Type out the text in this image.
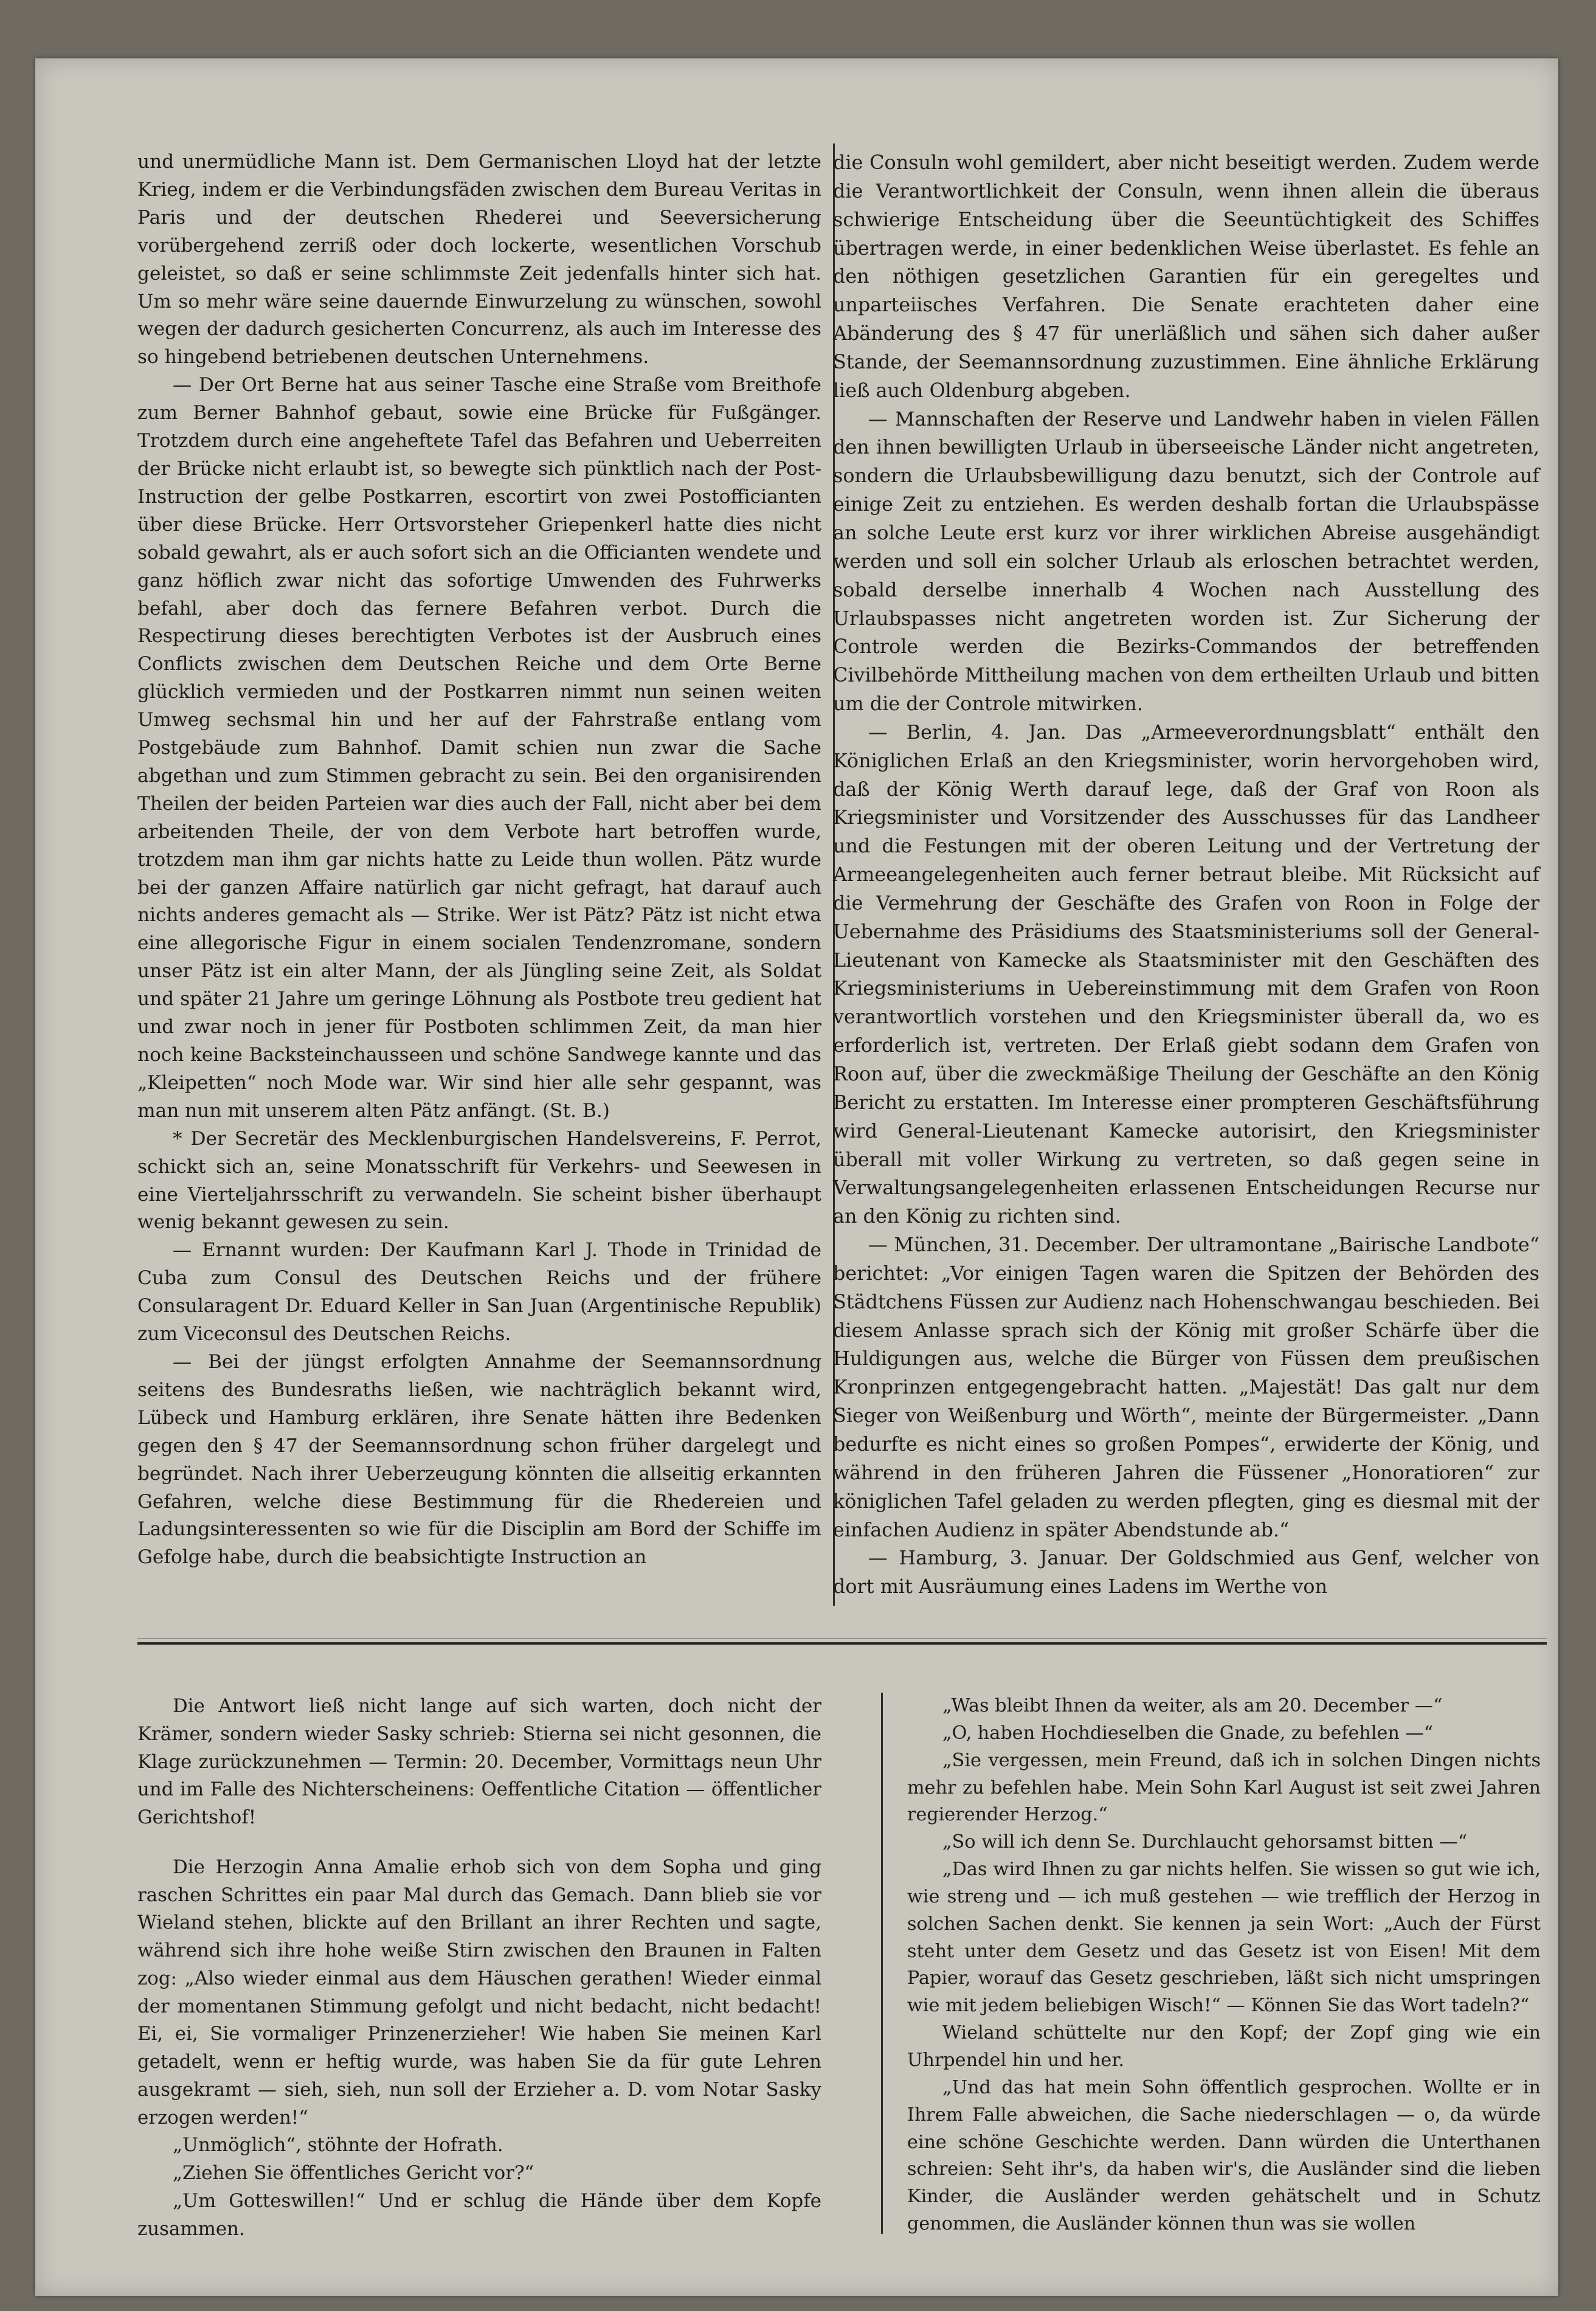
und unermüdliche Mann ist. Dem Germanischen Lloyd hat der letzte Krieg, indem er die Verbindungsfäden zwischen dem Bureau Veritas in Paris und der deutschen Rhederei und Seeversicherung vorübergehend zerriß oder doch lockerte, wesentlichen Vorschub geleistet, so daß er seine schlimmste Zeit jedenfalls hinter sich hat. Um so mehr wäre seine dauernde Einwurzelung zu wünschen, sowohl wegen der dadurch gesicherten Concurrenz, als auch im Interesse des so hingebend betriebenen deutschen Unternehmens.

— Der Ort Berne hat aus seiner Tasche eine Straße vom Breithofe zum Berner Bahnhof gebaut, sowie eine Brücke für Fußgänger. Trotzdem durch eine angeheftete Tafel das Befahren und Ueberreiten der Brücke nicht erlaubt ist, so bewegte sich pünktlich nach der Post-Instruction der gelbe Postkarren, escortirt von zwei Postofficianten über diese Brücke. Herr Ortsvorsteher Griepenkerl hatte dies nicht sobald gewahrt, als er auch sofort sich an die Officianten wendete und ganz höflich zwar nicht das sofortige Umwenden des Fuhrwerks befahl, aber doch das fernere Befahren verbot. Durch die Respectirung dieses berechtigten Verbotes ist der Ausbruch eines Conflicts zwischen dem Deutschen Reiche und dem Orte Berne glücklich vermieden und der Postkarren nimmt nun seinen weiten Umweg sechsmal hin und her auf der Fahrstraße entlang vom Postgebäude zum Bahnhof. Damit schien nun zwar die Sache abgethan und zum Stimmen gebracht zu sein. Bei den organisirenden Theilen der beiden Parteien war dies auch der Fall, nicht aber bei dem arbeitenden Theile, der von dem Verbote hart betroffen wurde, trotzdem man ihm gar nichts hatte zu Leide thun wollen. Pätz wurde bei der ganzen Affaire natürlich gar nicht gefragt, hat darauf auch nichts anderes gemacht als — Strike. Wer ist Pätz? Pätz ist nicht etwa eine allegorische Figur in einem socialen Tendenzromane, sondern unser Pätz ist ein alter Mann, der als Jüngling seine Zeit, als Soldat und später 21 Jahre um geringe Löhnung als Postbote treu gedient hat und zwar noch in jener für Postboten schlimmen Zeit, da man hier noch keine Backsteinchausseen und schöne Sandwege kannte und das „Kleipetten“ noch Mode war. Wir sind hier alle sehr gespannt, was man nun mit unserem alten Pätz anfängt. (St. B.)

* Der Secretär des Mecklenburgischen Handelsvereins, F. Perrot, schickt sich an, seine Monatsschrift für Verkehrs- und Seewesen in eine Vierteljahrsschrift zu verwandeln. Sie scheint bisher überhaupt wenig bekannt gewesen zu sein.

— Ernannt wurden: Der Kaufmann Karl J. Thode in Trinidad de Cuba zum Consul des Deutschen Reichs und der frühere Consularagent Dr. Eduard Keller in San Juan (Argentinische Republik) zum Viceconsul des Deutschen Reichs.

— Bei der jüngst erfolgten Annahme der Seemannsordnung seitens des Bundesraths ließen, wie nachträglich bekannt wird, Lübeck und Hamburg erklären, ihre Senate hätten ihre Bedenken gegen den § 47 der Seemannsordnung schon früher dargelegt und begründet. Nach ihrer Ueberzeugung könnten die allseitig erkannten Gefahren, welche diese Bestimmung für die Rhedereien und Ladungsinteressenten so wie für die Disciplin am Bord der Schiffe im Gefolge habe, durch die beabsichtigte Instruction an

die Consuln wohl gemildert, aber nicht beseitigt werden. Zudem werde die Verantwortlichkeit der Consuln, wenn ihnen allein die überaus schwierige Entscheidung über die Seeuntüchtigkeit des Schiffes übertragen werde, in einer bedenklichen Weise überlastet. Es fehle an den nöthigen gesetzlichen Garantien für ein geregeltes und unparteiisches Verfahren. Die Senate erachteten daher eine Abänderung des § 47 für unerläßlich und sähen sich daher außer Stande, der Seemannsordnung zuzustimmen. Eine ähnliche Erklärung ließ auch Oldenburg abgeben.

— Mannschaften der Reserve und Landwehr haben in vielen Fällen den ihnen bewilligten Urlaub in überseeische Länder nicht angetreten, sondern die Urlaubsbewilligung dazu benutzt, sich der Controle auf einige Zeit zu entziehen. Es werden deshalb fortan die Urlaubspässe an solche Leute erst kurz vor ihrer wirklichen Abreise ausgehändigt werden und soll ein solcher Urlaub als erloschen betrachtet werden, sobald derselbe innerhalb 4 Wochen nach Ausstellung des Urlaubspasses nicht angetreten worden ist. Zur Sicherung der Controle werden die Bezirks-Commandos der betreffenden Civilbehörde Mittheilung machen von dem ertheilten Urlaub und bitten um die der Controle mitwirken.

— Berlin, 4. Jan. Das „Armeeverordnungsblatt“ enthält den Königlichen Erlaß an den Kriegsminister, worin hervorgehoben wird, daß der König Werth darauf lege, daß der Graf von Roon als Kriegsminister und Vorsitzender des Ausschusses für das Landheer und die Festungen mit der oberen Leitung und der Vertretung der Armeeangelegenheiten auch ferner betraut bleibe. Mit Rücksicht auf die Vermehrung der Geschäfte des Grafen von Roon in Folge der Uebernahme des Präsidiums des Staatsministeriums soll der General-Lieutenant von Kamecke als Staatsminister mit den Geschäften des Kriegsministeriums in Uebereinstimmung mit dem Grafen von Roon verantwortlich vorstehen und den Kriegsminister überall da, wo es erforderlich ist, vertreten. Der Erlaß giebt sodann dem Grafen von Roon auf, über die zweckmäßige Theilung der Geschäfte an den König Bericht zu erstatten. Im Interesse einer prompteren Geschäftsführung wird General-Lieutenant Kamecke autorisirt, den Kriegsminister überall mit voller Wirkung zu vertreten, so daß gegen seine in Verwaltungsangelegenheiten erlassenen Entscheidungen Recurse nur an den König zu richten sind.

— München, 31. December. Der ultramontane „Bairische Landbote“ berichtet: „Vor einigen Tagen waren die Spitzen der Behörden des Städtchens Füssen zur Audienz nach Hohenschwangau beschieden. Bei diesem Anlasse sprach sich der König mit großer Schärfe über die Huldigungen aus, welche die Bürger von Füssen dem preußischen Kronprinzen entgegengebracht hatten. „Majestät! Das galt nur dem Sieger von Weißenburg und Wörth“, meinte der Bürgermeister. „Dann bedurfte es nicht eines so großen Pompes“, erwiderte der König, und während in den früheren Jahren die Füssener „Honoratioren“ zur königlichen Tafel geladen zu werden pflegten, ging es diesmal mit der einfachen Audienz in später Abendstunde ab.“

— Hamburg, 3. Januar. Der Goldschmied aus Genf, welcher von dort mit Ausräumung eines Ladens im Werthe von

Die Antwort ließ nicht lange auf sich warten, doch nicht der Krämer, sondern wieder Sasky schrieb: Stierna sei nicht gesonnen, die Klage zurückzunehmen — Termin: 20. December, Vormittags neun Uhr und im Falle des Nichterscheinens: Oeffentliche Citation — öffentlicher Gerichtshof!

Die Herzogin Anna Amalie erhob sich von dem Sopha und ging raschen Schrittes ein paar Mal durch das Gemach. Dann blieb sie vor Wieland stehen, blickte auf den Brillant an ihrer Rechten und sagte, während sich ihre hohe weiße Stirn zwischen den Braunen in Falten zog: „Also wieder einmal aus dem Häuschen gerathen! Wieder einmal der momentanen Stimmung gefolgt und nicht bedacht, nicht bedacht! Ei, ei, Sie vormaliger Prinzenerzieher! Wie haben Sie meinen Karl getadelt, wenn er heftig wurde, was haben Sie da für gute Lehren ausgekramt — sieh, sieh, nun soll der Erzieher a. D. vom Notar Sasky erzogen werden!“

„Unmöglich“, stöhnte der Hofrath.

„Ziehen Sie öffentliches Gericht vor?“

„Um Gotteswillen!“ Und er schlug die Hände über dem Kopfe zusammen.

„Was bleibt Ihnen da weiter, als am 20. December —“

„O, haben Hochdieselben die Gnade, zu befehlen —“

„Sie vergessen, mein Freund, daß ich in solchen Dingen nichts mehr zu befehlen habe. Mein Sohn Karl August ist seit zwei Jahren regierender Herzog.“

„So will ich denn Se. Durchlaucht gehorsamst bitten —“

„Das wird Ihnen zu gar nichts helfen. Sie wissen so gut wie ich, wie streng und — ich muß gestehen — wie trefflich der Herzog in solchen Sachen denkt. Sie kennen ja sein Wort: „Auch der Fürst steht unter dem Gesetz und das Gesetz ist von Eisen! Mit dem Papier, worauf das Gesetz geschrieben, läßt sich nicht umspringen wie mit jedem beliebigen Wisch!“ — Können Sie das Wort tadeln?“

Wieland schüttelte nur den Kopf; der Zopf ging wie ein Uhrpendel hin und her.

„Und das hat mein Sohn öffentlich gesprochen. Wollte er in Ihrem Falle abweichen, die Sache niederschlagen — o, da würde eine schöne Geschichte werden. Dann würden die Unterthanen schreien: Seht ihr's, da haben wir's, die Ausländer sind die lieben Kinder, die Ausländer werden gehätschelt und in Schutz genommen, die Ausländer können thun was sie wollen
